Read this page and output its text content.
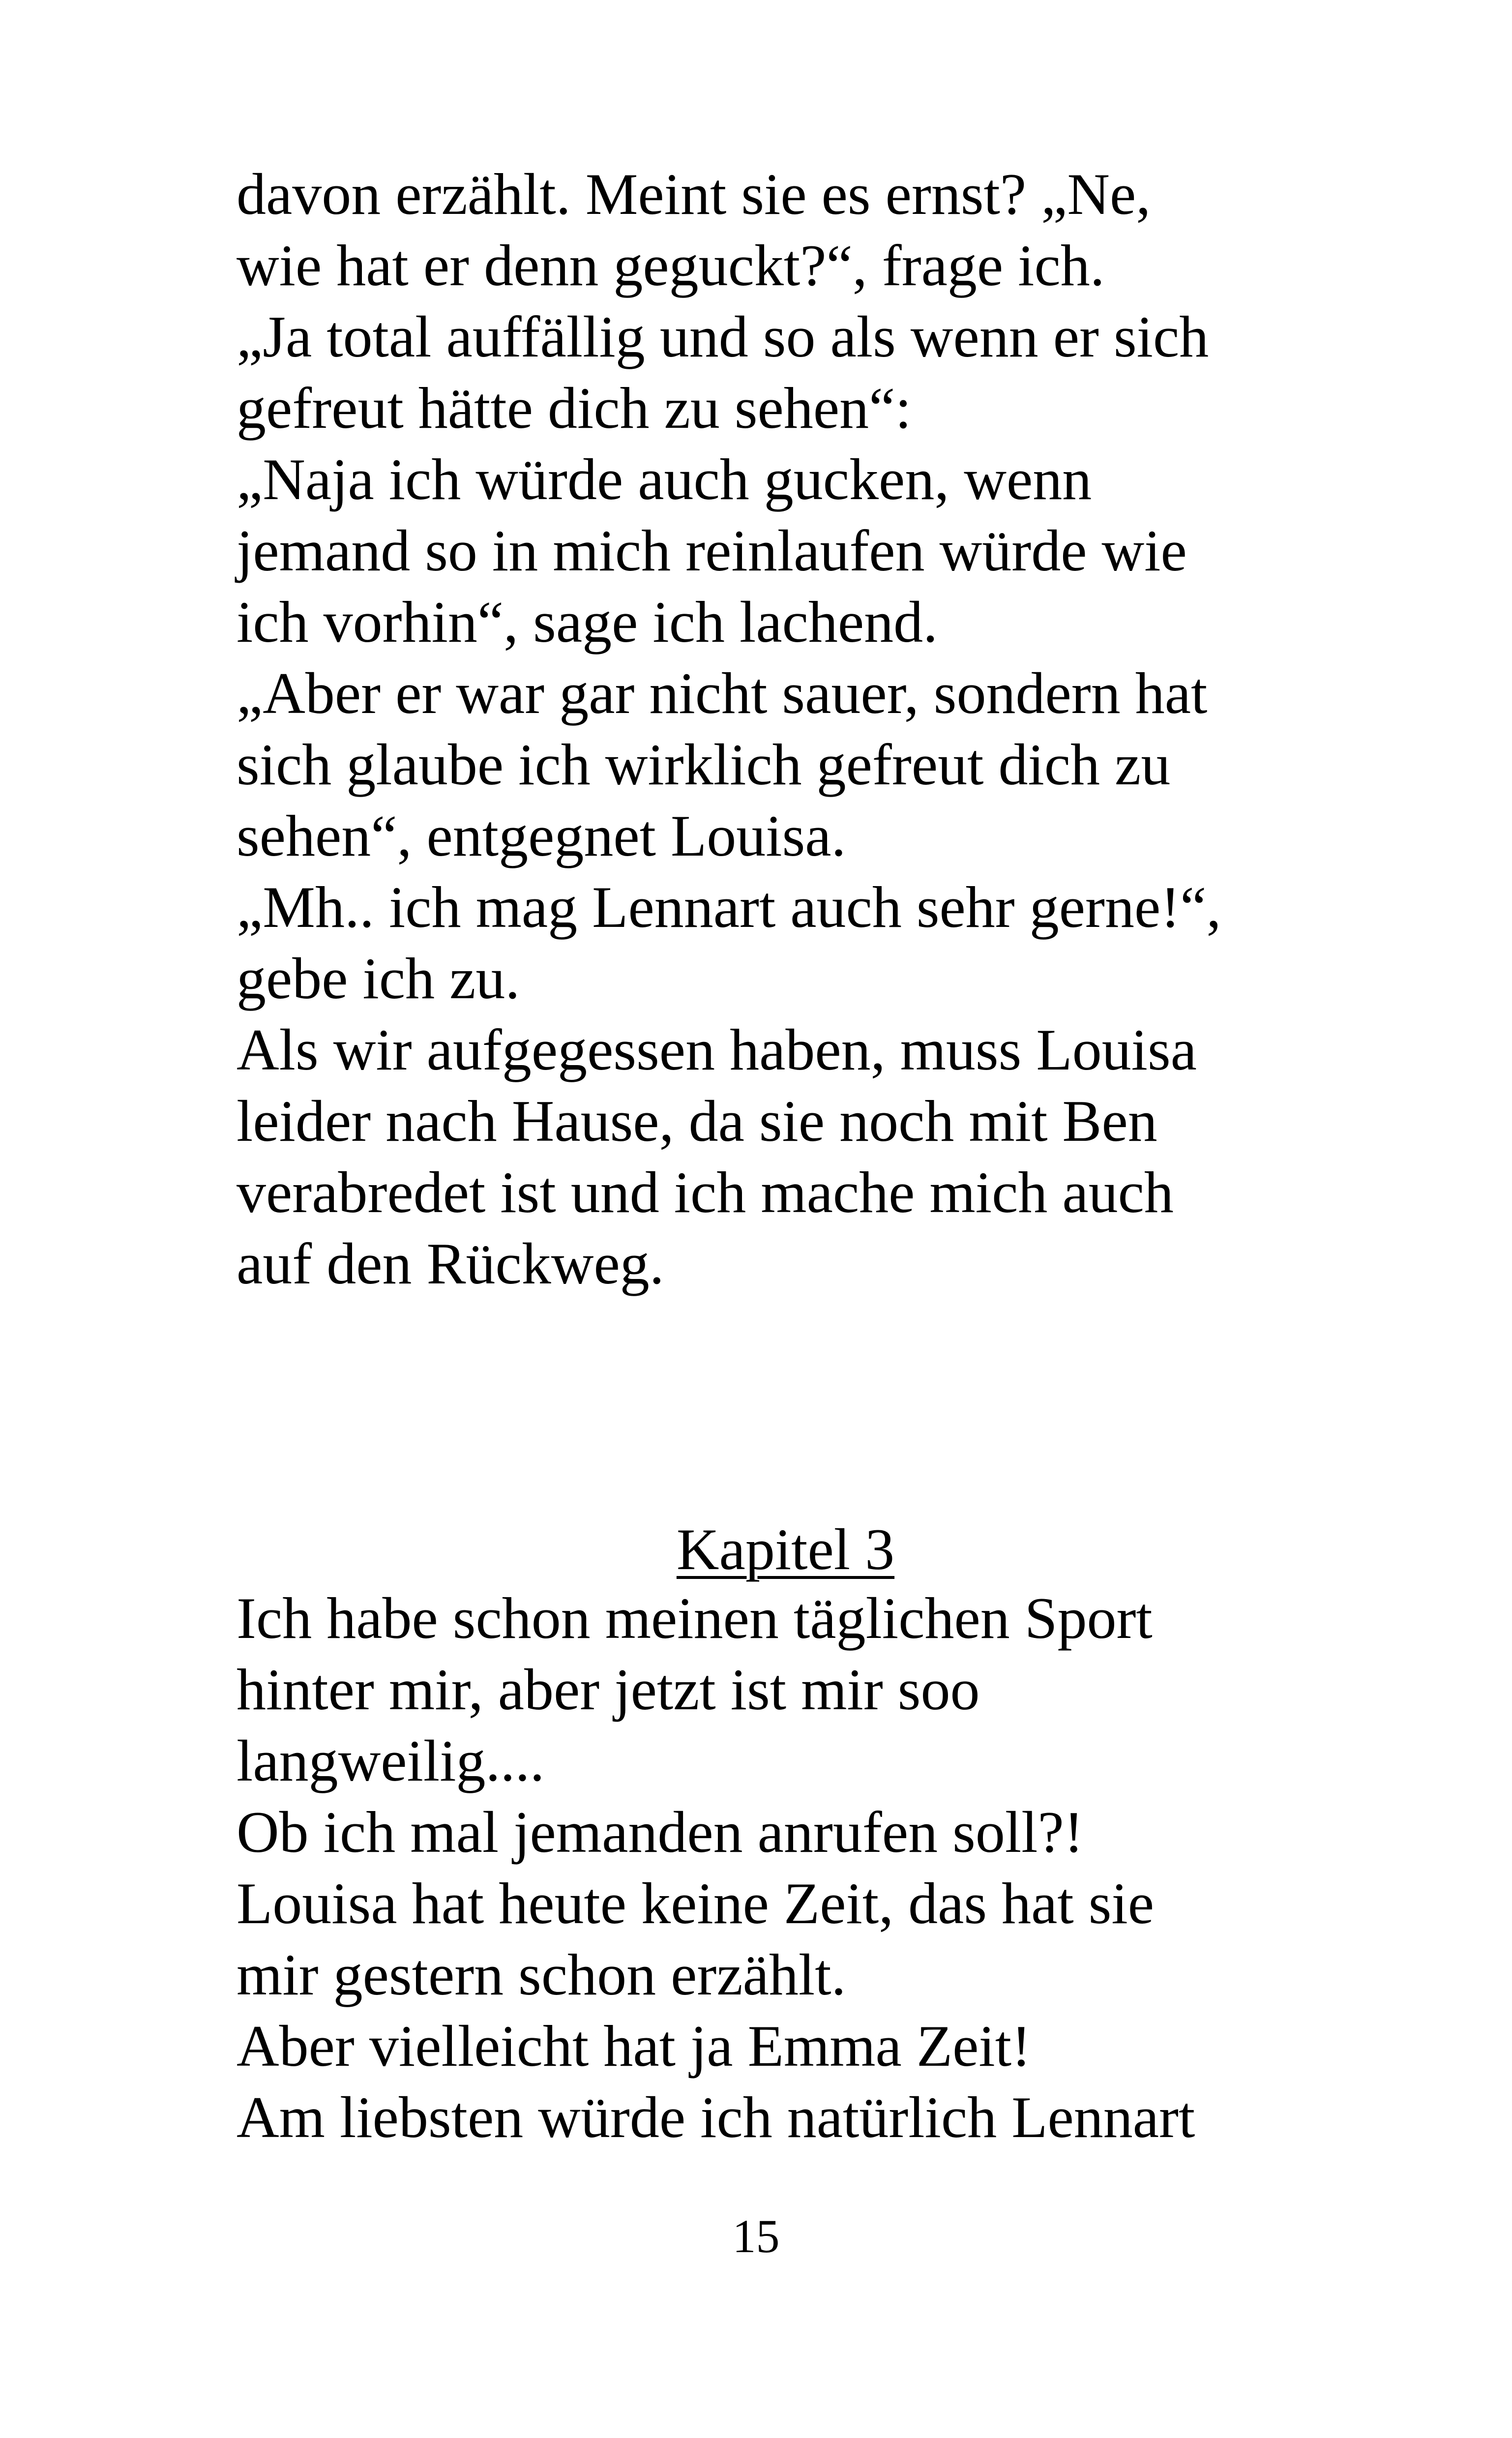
davon erzählt. Meint sie es ernst? „Ne,
wie hat er denn geguckt?“, frage ich.
„Ja total auffällig und so als wenn er sich
gefreut hätte dich zu sehen“:
„Naja ich würde auch gucken, wenn
jemand so in mich reinlaufen würde wie
ich vorhin“, sage ich lachend.
„Aber er war gar nicht sauer, sondern hat
sich glaube ich wirklich gefreut dich zu
sehen“, entgegnet Louisa.
„Mh.. ich mag Lennart auch sehr gerne!“,
gebe ich zu.
Als wir aufgegessen haben, muss Louisa
leider nach Hause, da sie noch mit Ben
verabredet ist und ich mache mich auch
auf den Rückweg.

Kapitel 3

Ich habe schon meinen täglichen Sport
hinter mir, aber jetzt ist mir soo
langweilig....
Ob ich mal jemanden anrufen soll?!
Louisa hat heute keine Zeit, das hat sie
mir gestern schon erzählt.
Aber vielleicht hat ja Emma Zeit!
Am liebsten würde ich natürlich Lennart
15
